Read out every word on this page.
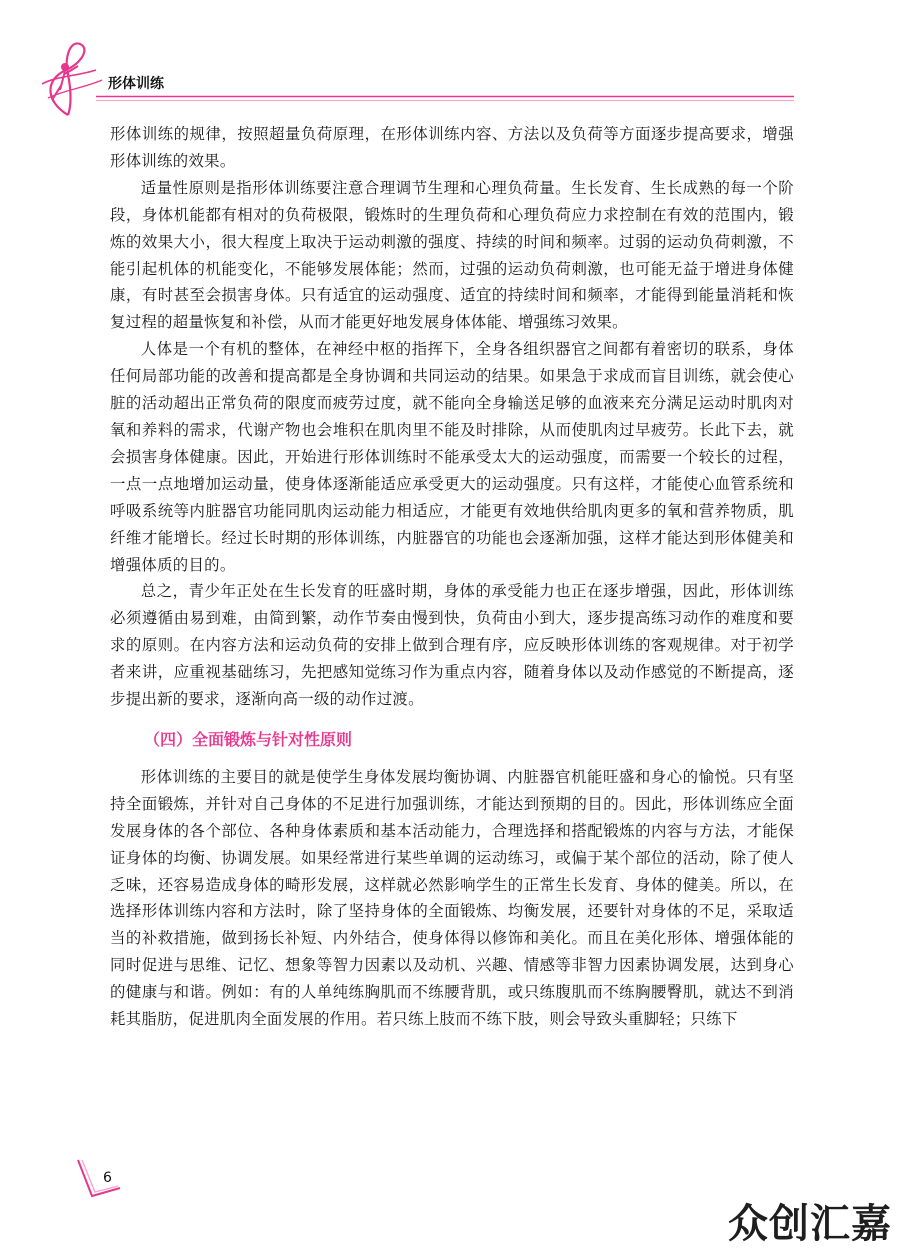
形体训练

形体训练的规律，按照超量负荷原理，在形体训练内容、方法以及负荷等方面逐步提高要求，增强形体训练的效果。

适量性原则是指形体训练要注意合理调节生理和心理负荷量。生长发育、生长成熟的每一个阶段，身体机能都有相对的负荷极限，锻炼时的生理负荷和心理负荷应力求控制在有效的范围内，锻炼的效果大小，很大程度上取决于运动刺激的强度、持续的时间和频率。过弱的运动负荷刺激，不能引起机体的机能变化，不能够发展体能；然而，过强的运动负荷刺激，也可能无益于增进身体健康，有时甚至会损害身体。只有适宜的运动强度、适宜的持续时间和频率，才能得到能量消耗和恢复过程的超量恢复和补偿，从而才能更好地发展身体体能、增强练习效果。

人体是一个有机的整体，在神经中枢的指挥下，全身各组织器官之间都有着密切的联系，身体任何局部功能的改善和提高都是全身协调和共同运动的结果。如果急于求成而盲目训练，就会使心脏的活动超出正常负荷的限度而疲劳过度，就不能向全身输送足够的血液来充分满足运动时肌肉对氧和养料的需求，代谢产物也会堆积在肌肉里不能及时排除，从而使肌肉过早疲劳。长此下去，就会损害身体健康。因此，开始进行形体训练时不能承受太大的运动强度，而需要一个较长的过程，一点一点地增加运动量，使身体逐渐能适应承受更大的运动强度。只有这样，才能使心血管系统和呼吸系统等内脏器官功能同肌肉运动能力相适应，才能更有效地供给肌肉更多的氧和营养物质，肌纤维才能增长。经过长时期的形体训练，内脏器官的功能也会逐渐加强，这样才能达到形体健美和增强体质的目的。

总之，青少年正处在生长发育的旺盛时期，身体的承受能力也正在逐步增强，因此，形体训练必须遵循由易到难，由简到繁，动作节奏由慢到快，负荷由小到大，逐步提高练习动作的难度和要求的原则。在内容方法和运动负荷的安排上做到合理有序，应反映形体训练的客观规律。对于初学者来讲，应重视基础练习，先把感知觉练习作为重点内容，随着身体以及动作感觉的不断提高，逐步提出新的要求，逐渐向高一级的动作过渡。

（四）全面锻炼与针对性原则

形体训练的主要目的就是使学生身体发展均衡协调、内脏器官机能旺盛和身心的愉悦。只有坚持全面锻炼，并针对自己身体的不足进行加强训练，才能达到预期的目的。因此，形体训练应全面发展身体的各个部位、各种身体素质和基本活动能力，合理选择和搭配锻炼的内容与方法，才能保证身体的均衡、协调发展。如果经常进行某些单调的运动练习，或偏于某个部位的活动，除了使人乏味，还容易造成身体的畸形发展，这样就必然影响学生的正常生长发育、身体的健美。所以，在选择形体训练内容和方法时，除了坚持身体的全面锻炼、均衡发展，还要针对身体的不足，采取适当的补救措施，做到扬长补短、内外结合，使身体得以修饰和美化。而且在美化形体、增强体能的同时促进与思维、记忆、想象等智力因素以及动机、兴趣、情感等非智力因素协调发展，达到身心的健康与和谐。例如：有的人单纯练胸肌而不练腰背肌，或只练腹肌而不练胸腰臀肌，就达不到消耗其脂肪，促进肌肉全面发展的作用。若只练上肢而不练下肢，则会导致头重脚轻；只练下

6
众创汇嘉
